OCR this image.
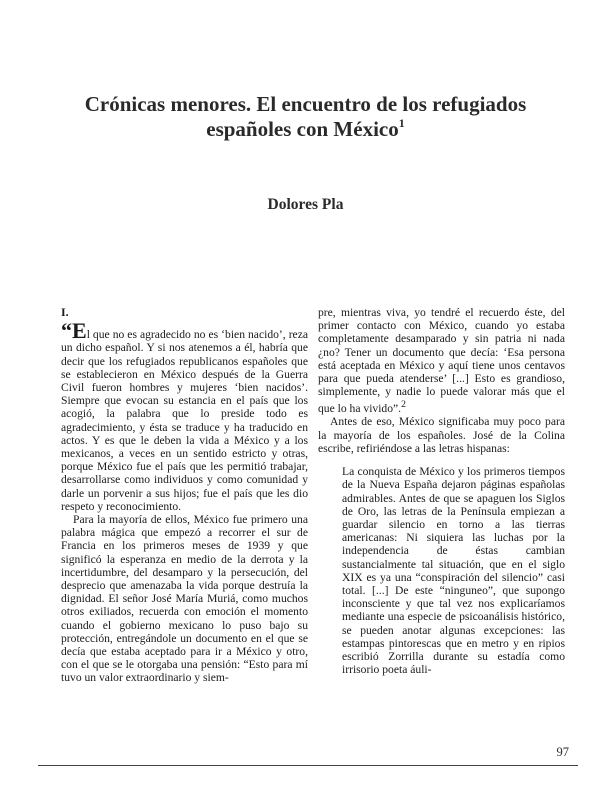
Crónicas menores. El encuentro de los refugiados españoles con México$^1$
Dolores Pla

I.

“El que no es agradecido no es ‘bien nacido’, reza un dicho español. Y si nos atenemos a él, habría que decir que los refugiados republicanos españoles que se establecieron en México después de la Guerra Civil fueron hombres y mujeres ‘bien nacidos’. Siempre que evocan su estancia en el país que los acogió, la palabra que lo preside todo es agradecimiento, y ésta se traduce y ha traducido en actos. Y es que le deben la vida a México y a los mexicanos, a veces en un sentido estricto y otras, porque México fue el país que les permitió trabajar, desarrollarse como individuos y como comunidad y darle un porvenir a sus hijos; fue el país que les dio respeto y reconocimiento.

Para la mayoría de ellos, México fue primero una palabra mágica que empezó a recorrer el sur de Francia en los primeros meses de 1939 y que significó la esperanza en medio de la derrota y la incertidumbre, del desamparo y la persecución, del desprecio que amenazaba la vida porque destruía la dignidad. El señor José María Muriá, como muchos otros exiliados, recuerda con emoción el momento cuando el gobierno mexicano lo puso bajo su protección, entregándole un documento en el que se decía que estaba aceptado para ir a México y otro, con el que se le otorgaba una pensión: “Esto para mí tuvo un valor extraordinario y siem-

pre, mientras viva, yo tendré el recuerdo éste, del primer contacto con México, cuando yo estaba completamente desamparado y sin patria ni nada ¿no? Tener un documento que decía: ‘Esa persona está aceptada en México y aquí tiene unos centavos para que pueda atenderse’ [...] Esto es grandioso, simplemente, y nadie lo puede valorar más que el que lo ha vivido”.$^2$

Antes de eso, México significaba muy poco para la mayoría de los españoles. José de la Colina escribe, refiriéndose a las letras hispanas:

La conquista de México y los primeros tiempos de la Nueva España dejaron páginas españolas admirables. Antes de que se apaguen los Siglos de Oro, las letras de la Península empiezan a guardar silencio en torno a las tierras americanas: Ni siquiera las luchas por la independencia de éstas cambian sustancialmente tal situación, que en el siglo XIX es ya una “conspiración del silencio” casi total. [...] De este “ninguneo”, que supongo inconsciente y que tal vez nos explicaríamos mediante una especie de psicoanálisis histórico, se pueden anotar algunas excepciones: las estampas pintorescas que en metro y en ripios escribió Zorrilla durante su estadía como irrisorio poeta áuli-

97
